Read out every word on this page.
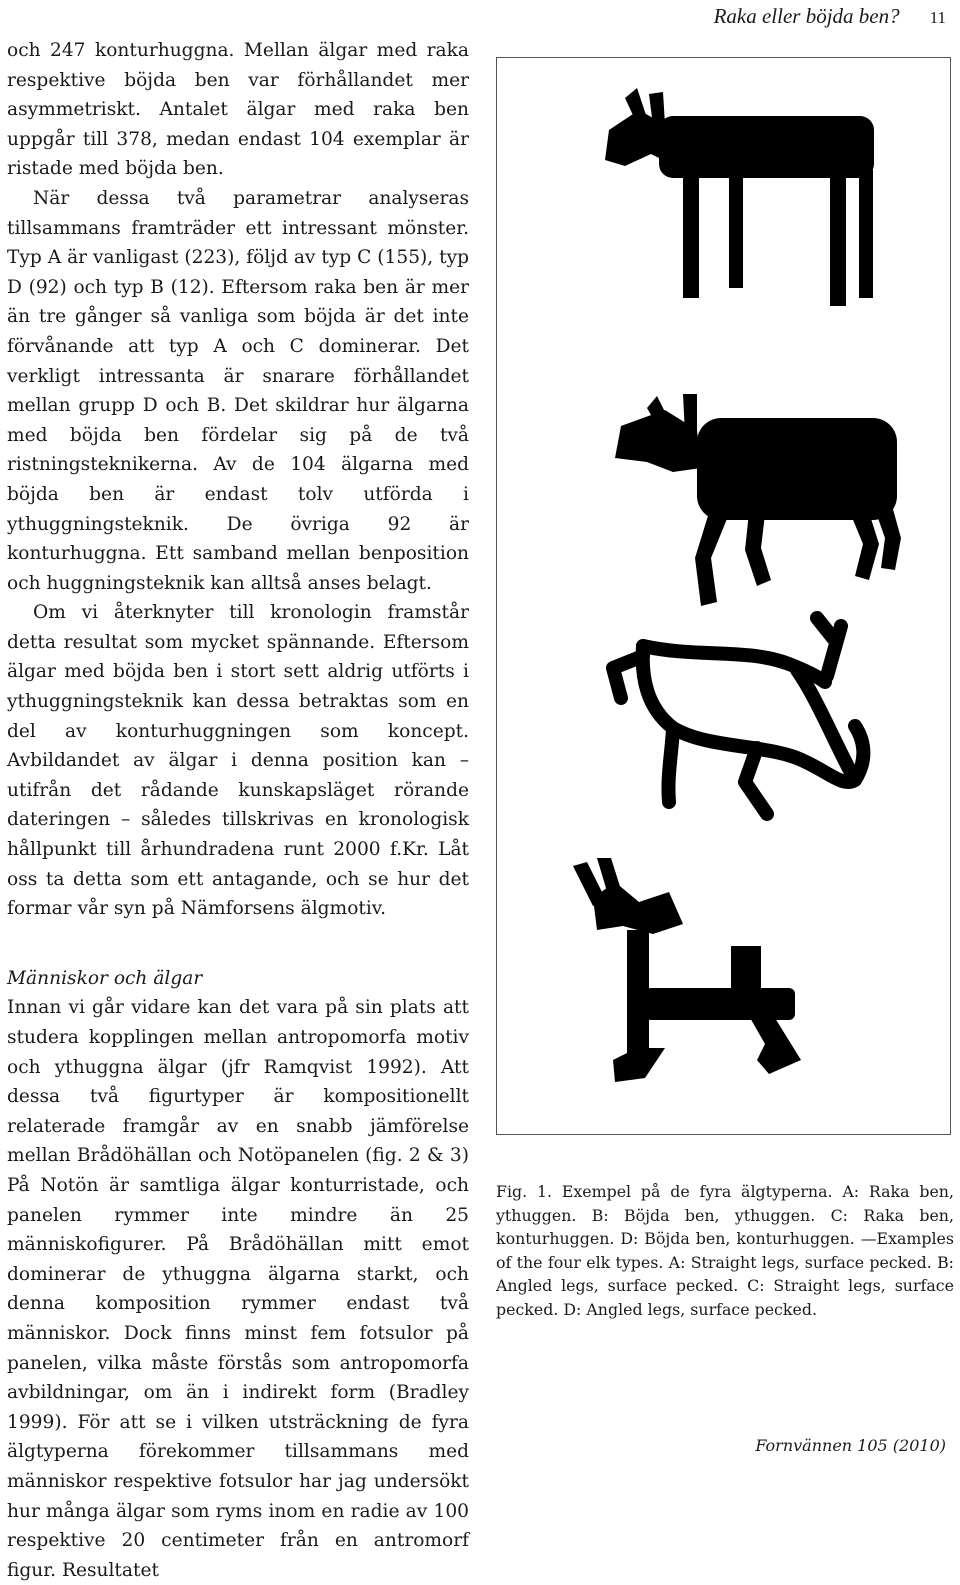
Raka eller böjda ben? 11

och 247 konturhuggna. Mellan älgar med raka respektive böjda ben var förhållandet mer asymmetriskt. Antalet älgar med raka ben uppgår till 378, medan endast 104 exemplar är ristade med böjda ben.

När dessa två parametrar analyseras tillsammans framträder ett intressant mönster. Typ A är vanligast (223), följd av typ C (155), typ D (92) och typ B (12). Eftersom raka ben är mer än tre gånger så vanliga som böjda är det inte förvånande att typ A och C dominerar. Det verkligt intressanta är snarare förhållandet mellan grupp D och B. Det skildrar hur älgarna med böjda ben fördelar sig på de två ristningsteknikerna. Av de 104 älgarna med böjda ben är endast tolv utförda i ythuggningsteknik. De övriga 92 är konturhuggna. Ett samband mellan benposition och huggningsteknik kan alltså anses belagt.

Om vi återknyter till kronologin framstår detta resultat som mycket spännande. Eftersom älgar med böjda ben i stort sett aldrig utförts i ythuggningsteknik kan dessa betraktas som en del av konturhuggningen som koncept. Avbildandet av älgar i denna position kan – utifrån det rådande kunskapsläget rörande dateringen – således tillskrivas en kronologisk hållpunkt till århundradena runt 2000 f.Kr. Låt oss ta detta som ett antagande, och se hur det formar vår syn på Nämforsens älgmotiv.

Människor och älgar

Innan vi går vidare kan det vara på sin plats att studera kopplingen mellan antropomorfa motiv och ythuggna älgar (jfr Ramqvist 1992). Att dessa två figurtyper är kompositionellt relaterade framgår av en snabb jämförelse mellan Brådöhällan och Notöpanelen (fig. 2 & 3) På Notön är samtliga älgar konturristade, och panelen rymmer inte mindre än 25 människofigurer. På Brådöhällan mitt emot dominerar de ythuggna älgarna starkt, och denna komposition rymmer endast två människor. Dock finns minst fem fotsulor på panelen, vilka måste förstås som antropomorfa avbildningar, om än i indirekt form (Bradley 1999). För att se i vilken utsträckning de fyra älgtyperna förekommer tillsammans med människor respektive fotsulor har jag undersökt hur många älgar som ryms inom en radie av 100 respektive 20 centimeter från en antromorf figur. Resultatet

Fig. 1. Exempel på de fyra älgtyperna. A: Raka ben, ythuggen. B: Böjda ben, ythuggen. C: Raka ben, konturhuggen. D: Böjda ben, konturhuggen. —Examples of the four elk types. A: Straight legs, surface pecked. B: Angled legs, surface pecked. C: Straight legs, surface pecked. D: Angled legs, surface pecked.
Fornvännen 105 (2010)
